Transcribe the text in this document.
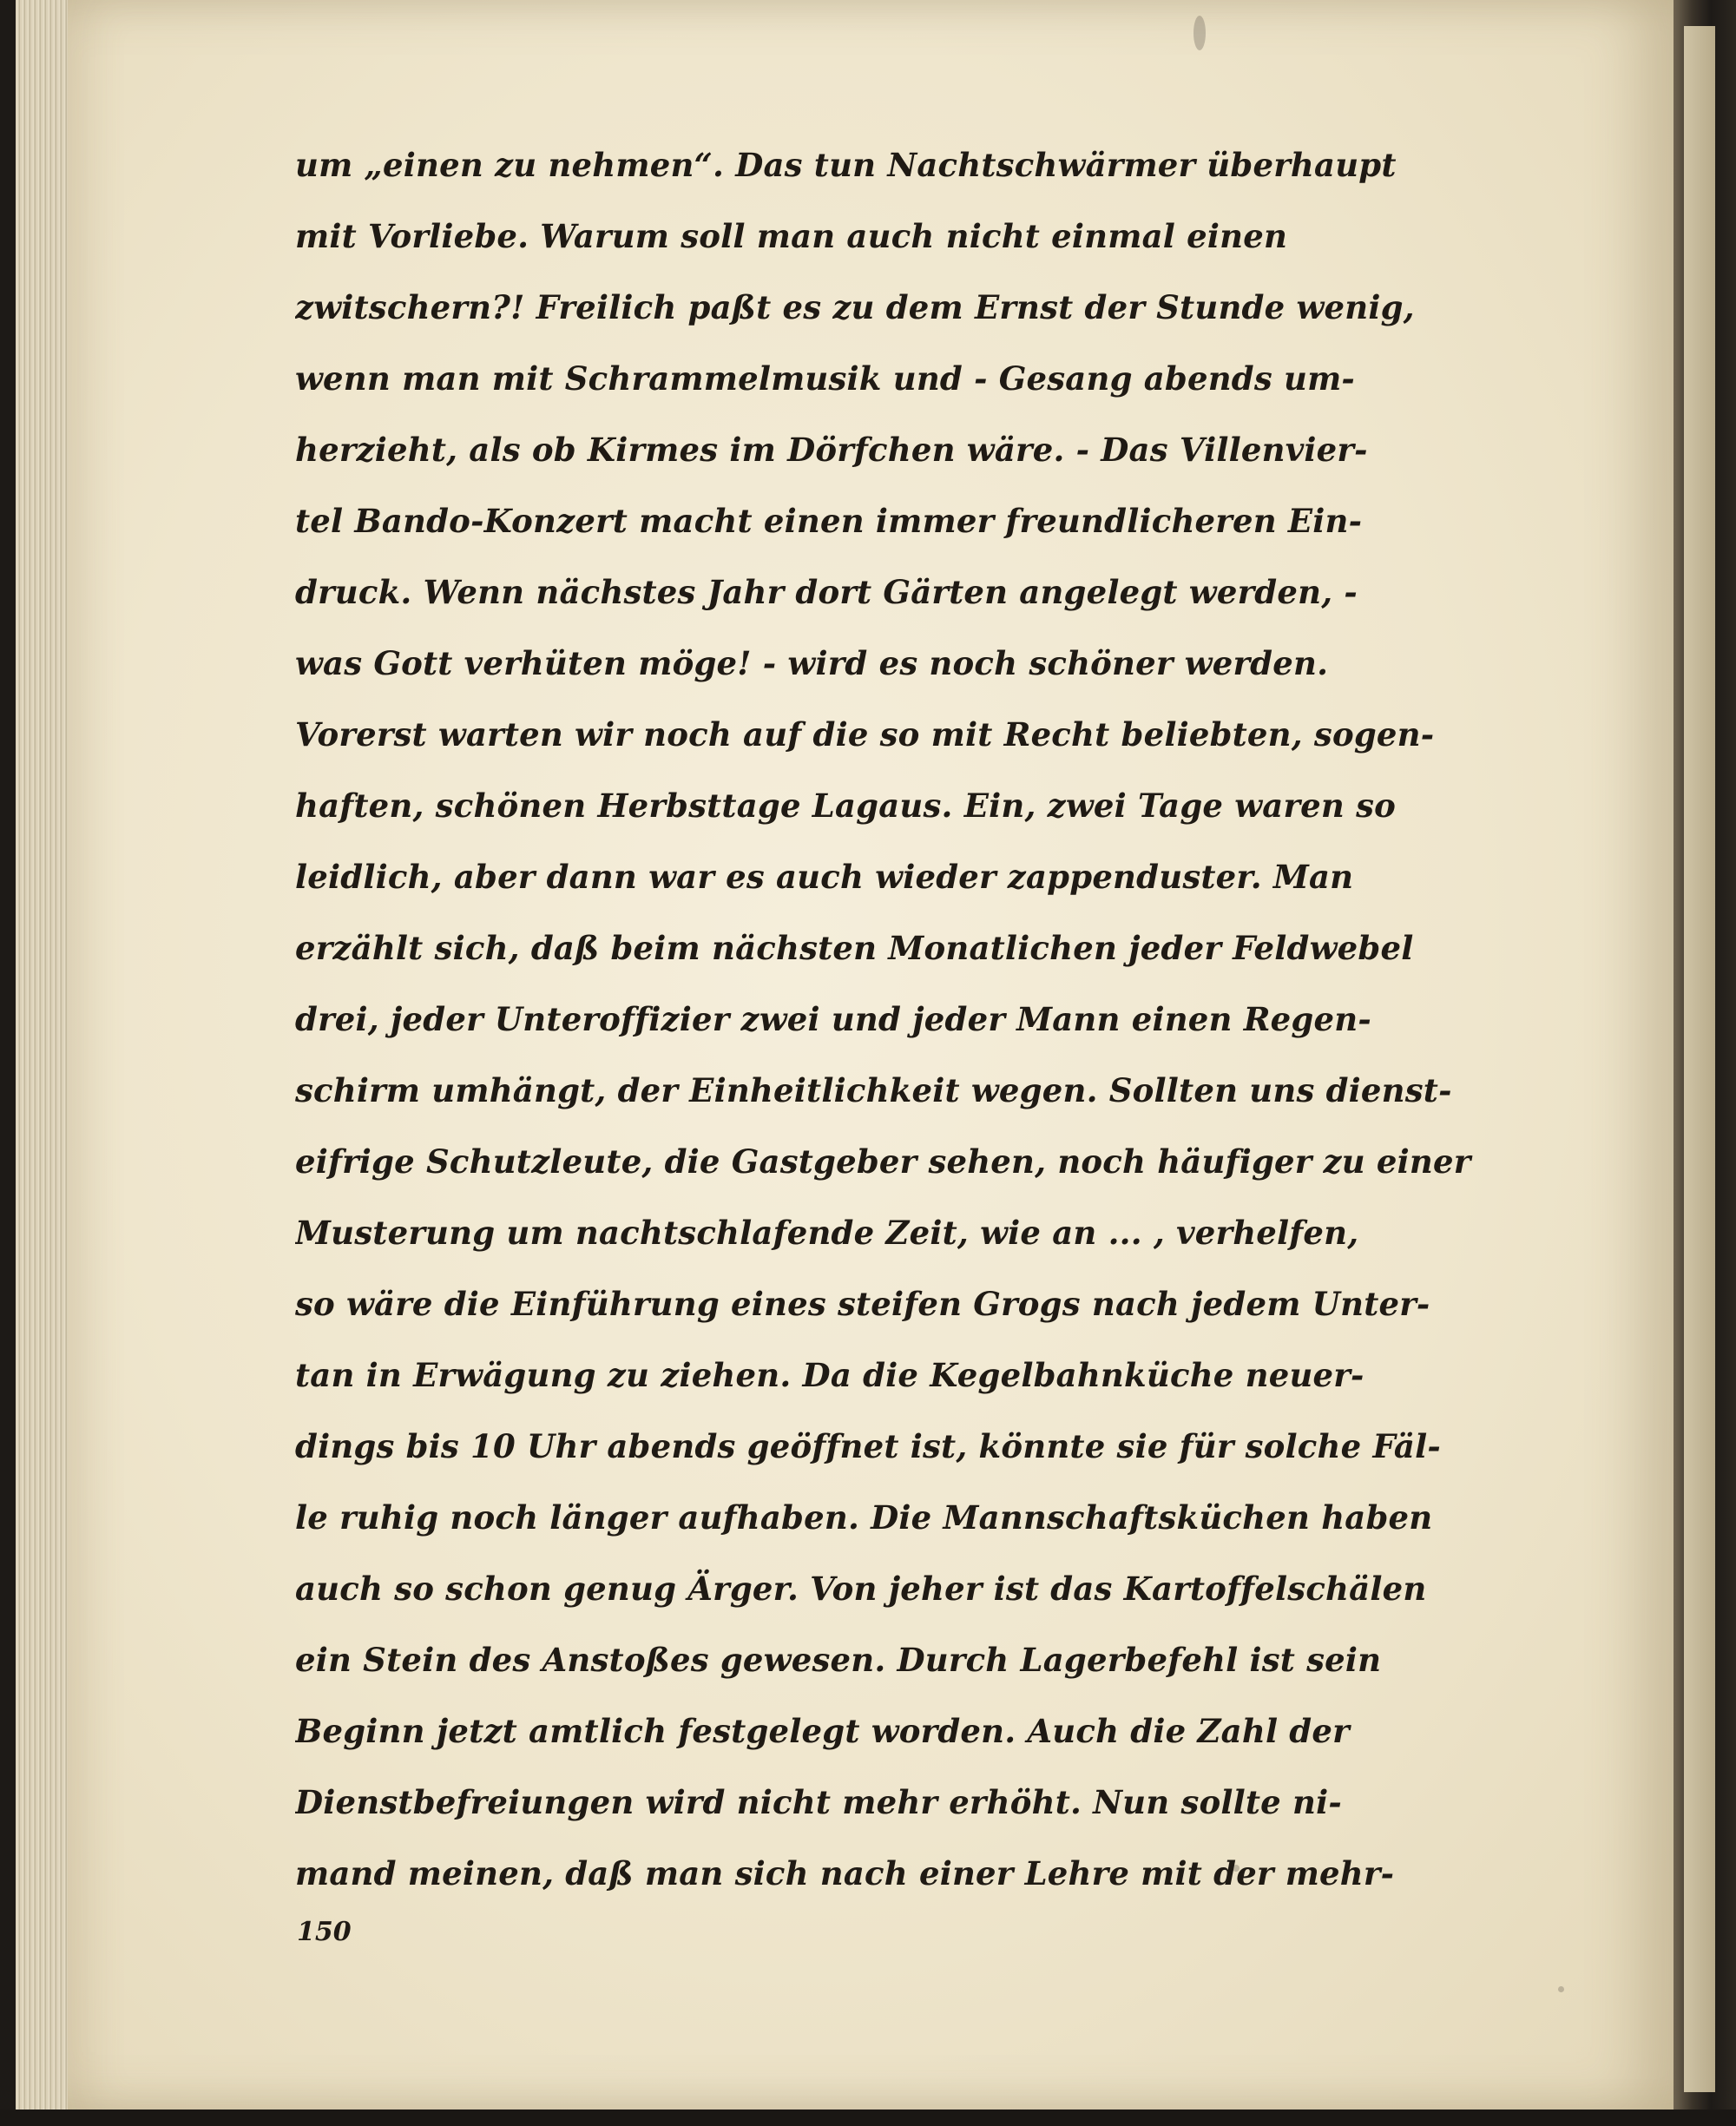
um „einen zu nehmen“. Das tun Nachtschwärmer überhaupt
mit Vorliebe. Warum soll man auch nicht einmal einen
zwitschern?! Freilich paßt es zu dem Ernst der Stunde wenig,
wenn man mit Schrammelmusik und - Gesang abends um-
herzieht, als ob Kirmes im Dörfchen wäre. - Das Villenvier-
tel Bando-Konzert macht einen immer freundlicheren Ein-
druck. Wenn nächstes Jahr dort Gärten angelegt werden, -
was Gott verhüten möge! - wird es noch schöner werden.
Vorerst warten wir noch auf die so mit Recht beliebten, sogen-
haften, schönen Herbsttage Lagaus. Ein, zwei Tage waren so
leidlich, aber dann war es auch wieder zappenduster. Man
erzählt sich, daß beim nächsten Monatlichen jeder Feldwebel
drei, jeder Unteroffizier zwei und jeder Mann einen Regen-
schirm umhängt, der Einheitlichkeit wegen. Sollten uns dienst-
eifrige Schutzleute, die Gastgeber sehen, noch häufiger zu einer
Musterung um nachtschlafende Zeit, wie an ... , verhelfen,
so wäre die Einführung eines steifen Grogs nach jedem Unter-
tan in Erwägung zu ziehen. Da die Kegelbahnküche neuer-
dings bis 10 Uhr abends geöffnet ist, könnte sie für solche Fäl-
le ruhig noch länger aufhaben. Die Mannschaftsküchen haben
auch so schon genug Ärger. Von jeher ist das Kartoffelschälen
ein Stein des Anstoßes gewesen. Durch Lagerbefehl ist sein
Beginn jetzt amtlich festgelegt worden. Auch die Zahl der
Dienstbefreiungen wird nicht mehr erhöht. Nun sollte ni-
mand meinen, daß man sich nach einer Lehre mit der mehr-
150
